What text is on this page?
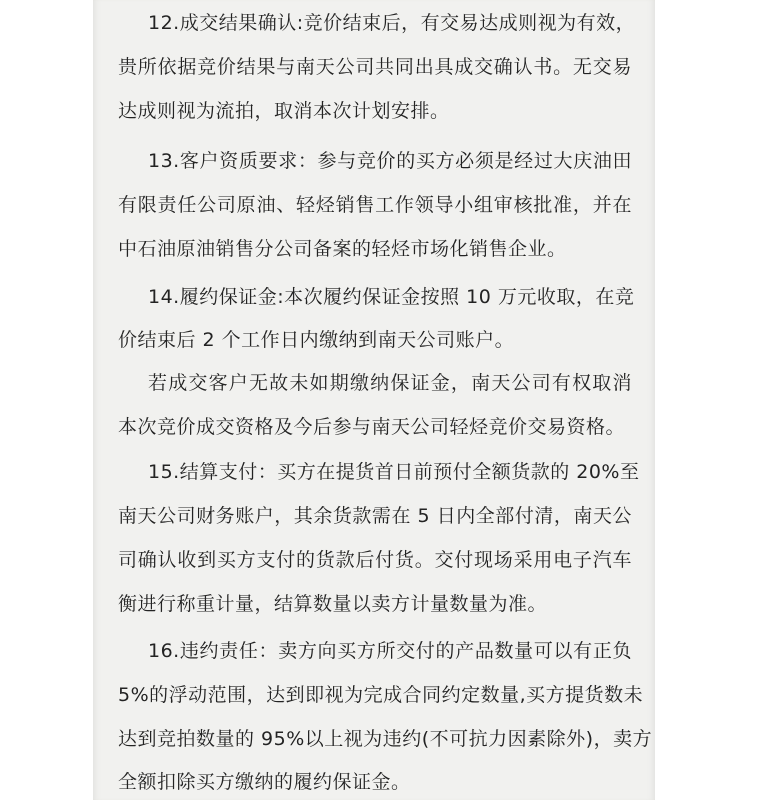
12.成交结果确认:竞价结束后，有交易达成则视为有效，
贵所依据竞价结果与南天公司共同出具成交确认书。无交易
达成则视为流拍，取消本次计划安排。
13.客户资质要求：参与竞价的买方必须是经过大庆油田
有限责任公司原油、轻烃销售工作领导小组审核批准，并在
中石油原油销售分公司备案的轻烃市场化销售企业。
14.履约保证金:本次履约保证金按照 10 万元收取，在竞
价结束后 2 个工作日内缴纳到南天公司账户。
若成交客户无故未如期缴纳保证金，南天公司有权取消
本次竞价成交资格及今后参与南天公司轻烃竞价交易资格。
15.结算支付：买方在提货首日前预付全额货款的 20%至
南天公司财务账户，其余货款需在 5 日内全部付清，南天公
司确认收到买方支付的货款后付货。交付现场采用电子汽车
衡进行称重计量，结算数量以卖方计量数量为准。
16.违约责任：卖方向买方所交付的产品数量可以有正负
5%的浮动范围，达到即视为完成合同约定数量,买方提货数未
达到竞拍数量的 95%以上视为违约(不可抗力因素除外)，卖方
全额扣除买方缴纳的履约保证金。
